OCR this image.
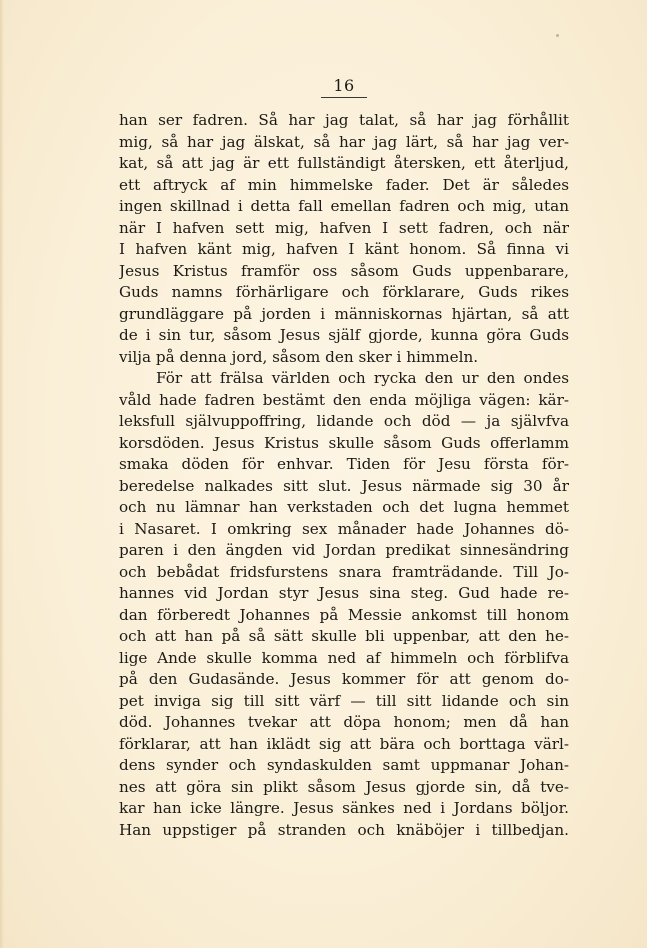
16
han ser fadren. Så har jag talat, så har jag förhållit
mig, så har jag älskat, så har jag lärt, så har jag ver-
kat, så att jag är ett fullständigt återsken, ett återljud,
ett aftryck af min himmelske fader. Det är således
ingen skillnad i detta fall emellan fadren och mig, utan
när I hafven sett mig, hafven I sett fadren, och när
I hafven känt mig, hafven I känt honom. Så finna vi
Jesus Kristus framför oss såsom Guds uppenbarare,
Guds namns förhärligare och förklarare, Guds rikes
grundläggare på jorden i människornas hjärtan, så att
de i sin tur, såsom Jesus själf gjorde, kunna göra Guds
vilja på denna jord, såsom den sker i himmeln.
För att frälsa världen och rycka den ur den ondes
våld hade fadren bestämt den enda möjliga vägen: kär-
leksfull självuppoffring, lidande och död — ja självfva
korsdöden. Jesus Kristus skulle såsom Guds offerlamm
smaka döden för enhvar. Tiden för Jesu första för-
beredelse nalkades sitt slut. Jesus närmade sig 30 år
och nu lämnar han verkstaden och det lugna hemmet
i Nasaret. I omkring sex månader hade Johannes dö-
paren i den ängden vid Jordan predikat sinnesändring
och bebådat fridsfurstens snara framträdande. Till Jo-
hannes vid Jordan styr Jesus sina steg. Gud hade re-
dan förberedt Johannes på Messie ankomst till honom
och att han på så sätt skulle bli uppenbar, att den he-
lige Ande skulle komma ned af himmeln och förblifva
på den Gudasände. Jesus kommer för att genom do-
pet inviga sig till sitt värf — till sitt lidande och sin
död. Johannes tvekar att döpa honom; men då han
förklarar, att han iklädt sig att bära och borttaga värl-
dens synder och syndaskulden samt uppmanar Johan-
nes att göra sin plikt såsom Jesus gjorde sin, då tve-
kar han icke längre. Jesus sänkes ned i Jordans böljor.
Han uppstiger på stranden och knäböjer i tillbedjan.
